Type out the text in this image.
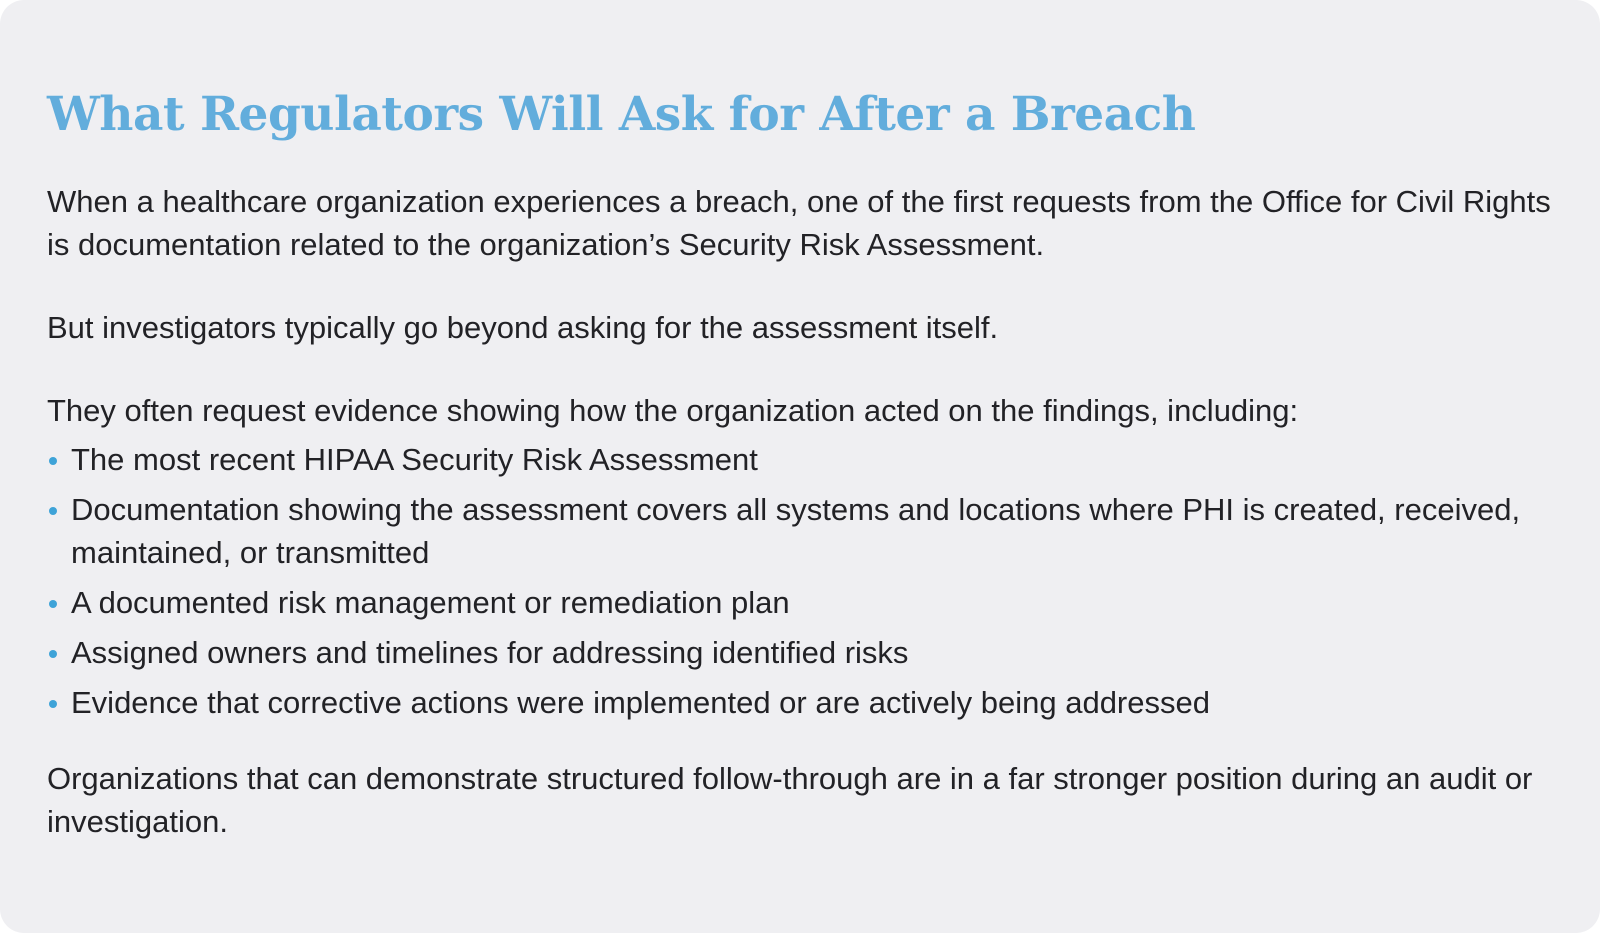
What Regulators Will Ask for After a Breach

When a healthcare organization experiences a breach, one of the first requests from the Office for Civil Rights is documentation related to the organization’s Security Risk Assessment.

But investigators typically go beyond asking for the assessment itself.

They often request evidence showing how the organization acted on the findings, including:

The most recent HIPAA Security Risk Assessment
Documentation showing the assessment covers all systems and locations where PHI is created, received, maintained, or transmitted
A documented risk management or remediation plan
Assigned owners and timelines for addressing identified risks
Evidence that corrective actions were implemented or are actively being addressed

Organizations that can demonstrate structured follow-through are in a far stronger position during an audit or investigation.
